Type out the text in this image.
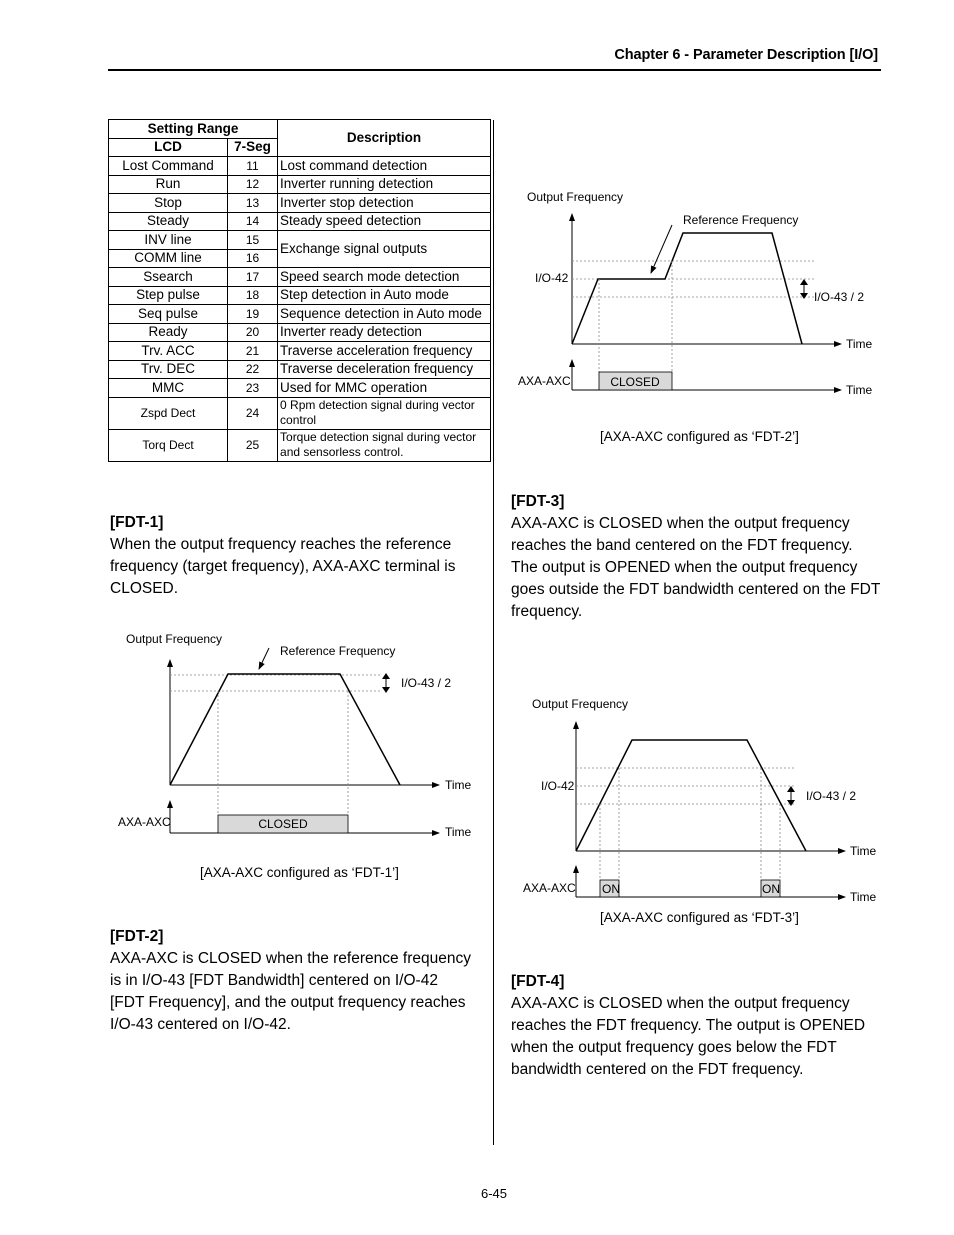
Chapter 6 - Parameter Description [I/O]
Setting Range		Description
LCD	7-Seg	
Lost Command	11	Lost command detection
Run	12	Inverter running detection
Stop	13	Inverter stop detection
Steady	14	Steady speed detection
INV line	15	Exchange signal outputs
COMM line	16	
Ssearch	17	Speed search mode detection
Step pulse	18	Step detection in Auto mode
Seq pulse	19	Sequence detection in Auto mode
Ready	20	Inverter ready detection
Trv. ACC	21	Traverse acceleration frequency
Trv. DEC	22	Traverse deceleration frequency
MMC	23	Used for MMC operation
Zspd Dect	24	0 Rpm detection signal during vector control
Torq Dect	25	Torque detection signal during vector and sensorless control.
[FDT-1]
When the output frequency reaches the reference frequency (target frequency), AXA-AXC terminal is CLOSED.
Output Frequency
Reference Frequency
I/O-43 / 2
Time
AXA-AXC	CLOSED
Time
[AXA-AXC configured as ‘FDT-1’]
[FDT-2]
AXA-AXC is CLOSED when the reference frequency is in I/O-43 [FDT Bandwidth] centered on I/O-42 [FDT Frequency], and the output frequency reaches I/O-43 centered on I/O-42.
Output Frequency
Reference Frequency
I/O-42
I/O-43 / 2
Time
AXA-AXC	CLOSED
Time
[AXA-AXC configured as ‘FDT-2’]
[FDT-3]
AXA-AXC is CLOSED when the output frequency reaches the band centered on the FDT frequency. The output is OPENED when the output frequency goes outside the FDT bandwidth centered on the FDT frequency.
Output Frequency
I/O-42
I/O-43 / 2
Time
AXA-AXC ON	ON
Time
[AXA-AXC configured as ‘FDT-3’]
[FDT-4]
AXA-AXC is CLOSED when the output frequency reaches the FDT frequency. The output is OPENED when the output frequency goes below the FDT bandwidth centered on the FDT frequency.
6-45
